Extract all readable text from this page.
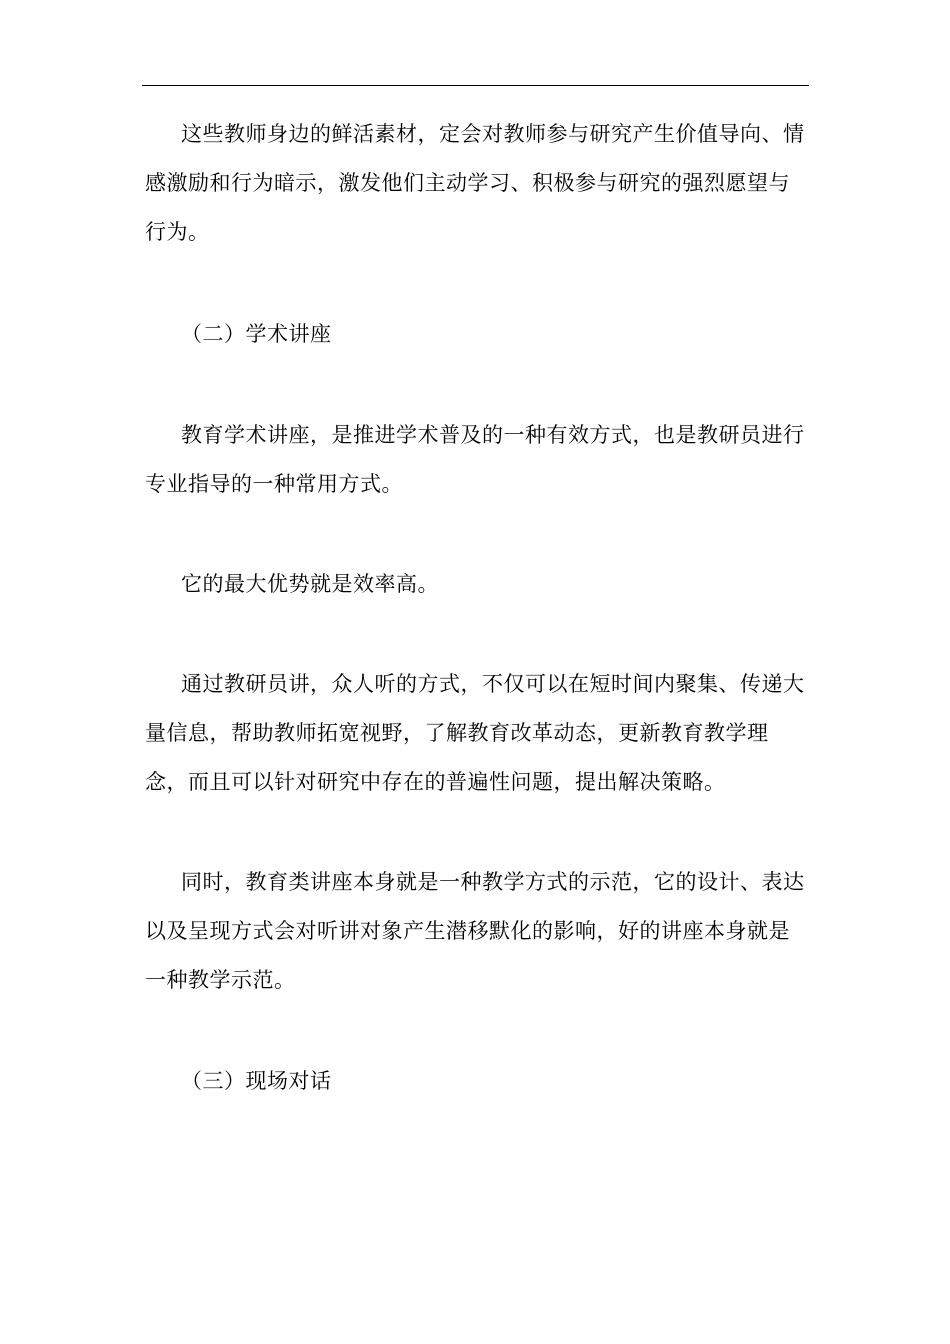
这些教师身边的鲜活素材，定会对教师参与研究产生价值导向、情感激励和行为暗示，激发他们主动学习、积极参与研究的强烈愿望与行为。

（二）学术讲座

教育学术讲座，是推进学术普及的一种有效方式，也是教研员进行专业指导的一种常用方式。

它的最大优势就是效率高。

通过教研员讲，众人听的方式，不仅可以在短时间内聚集、传递大量信息，帮助教师拓宽视野，了解教育改革动态，更新教育教学理念，而且可以针对研究中存在的普遍性问题，提出解决策略。

同时，教育类讲座本身就是一种教学方式的示范，它的设计、表达以及呈现方式会对听讲对象产生潜移默化的影响，好的讲座本身就是一种教学示范。

（三）现场对话
